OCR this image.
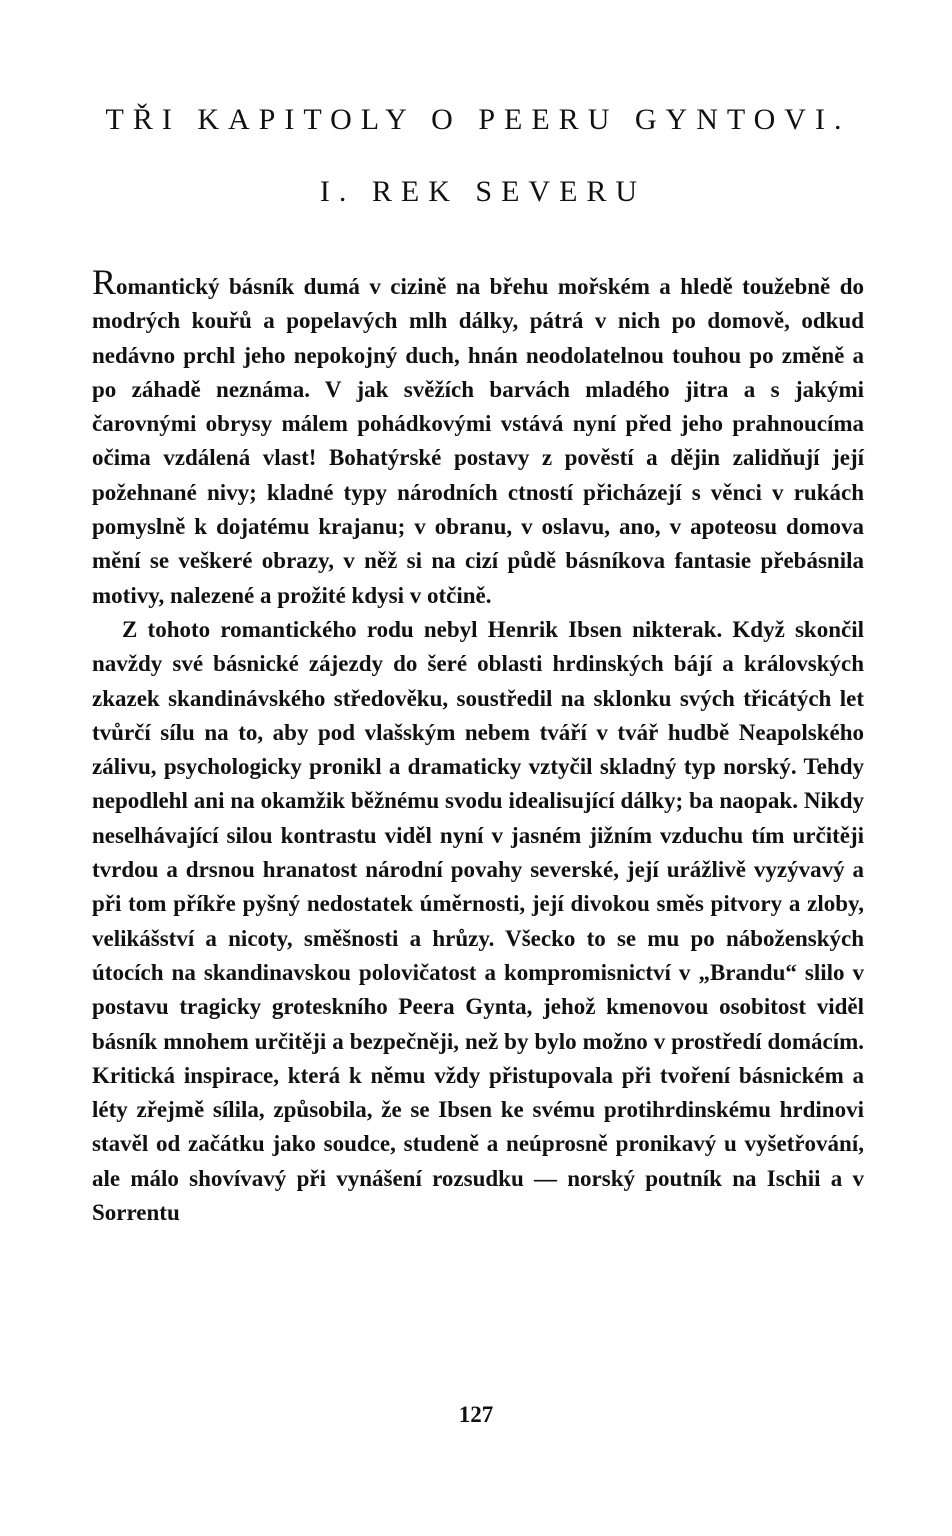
TŘI KAPITOLY O PEERU GYNTOVI.
I. REK SEVERU

Romantický básník dumá v cizině na břehu mořském a hledě toužebně do modrých kouřů a popelavých mlh dálky, pátrá v nich po domově, odkud nedávno prchl jeho nepokojný duch, hnán neodolatelnou touhou po změně a po záhadě neznáma. V jak svěžích barvách mladého jitra a s jakými čarovnými obrysy málem pohádkovými vstává nyní před jeho prahnoucíma očima vzdálená vlast! Bohatýrské postavy z pověstí a dějin zalidňují její požehnané nivy; kladné typy národních ctností přicházejí s věnci v rukách pomyslně k dojatému krajanu; v obranu, v oslavu, ano, v apoteosu domova mění se veškeré obrazy, v něž si na cizí půdě básníkova fantasie přebásnila motivy, nalezené a prožité kdysi v otčině.

Z tohoto romantického rodu nebyl Henrik Ibsen nikterak. Když skončil navždy své básnické zájezdy do šeré oblasti hrdinských bájí a královských zkazek skandinávského středověku, soustředil na sklonku svých třicátých let tvůrčí sílu na to, aby pod vlašským nebem tváří v tvář hudbě Neapolského zálivu, psychologicky pronikl a dramaticky vztyčil skladný typ norský. Tehdy nepodlehl ani na okamžik běžnému svodu idealisující dálky; ba naopak. Nikdy neselhávající silou kontrastu viděl nyní v jasném jižním vzduchu tím určitěji tvrdou a drsnou hranatost národní povahy severské, její urážlivě vyzývavý a při tom příkře pyšný nedostatek úměrnosti, její divokou směs pitvory a zloby, velikášství a nicoty, směšnosti a hrůzy. Všecko to se mu po náboženských útocích na skandinavskou polovičatost a kompromisnictví v „Brandu“ slilo v postavu tragicky groteskního Peera Gynta, jehož kmenovou osobitost viděl básník mnohem určitěji a bezpečněji, než by bylo možno v prostředí domácím. Kritická inspirace, která k němu vždy přistupovala při tvoření básnickém a léty zřejmě sílila, způsobila, že se Ibsen ke svému protihrdinskému hrdinovi stavěl od začátku jako soudce, studeně a neúprosně pronikavý u vyšetřování, ale málo shovívavý při vynášení rozsudku — norský poutník na Ischii a v Sorrentu

127
